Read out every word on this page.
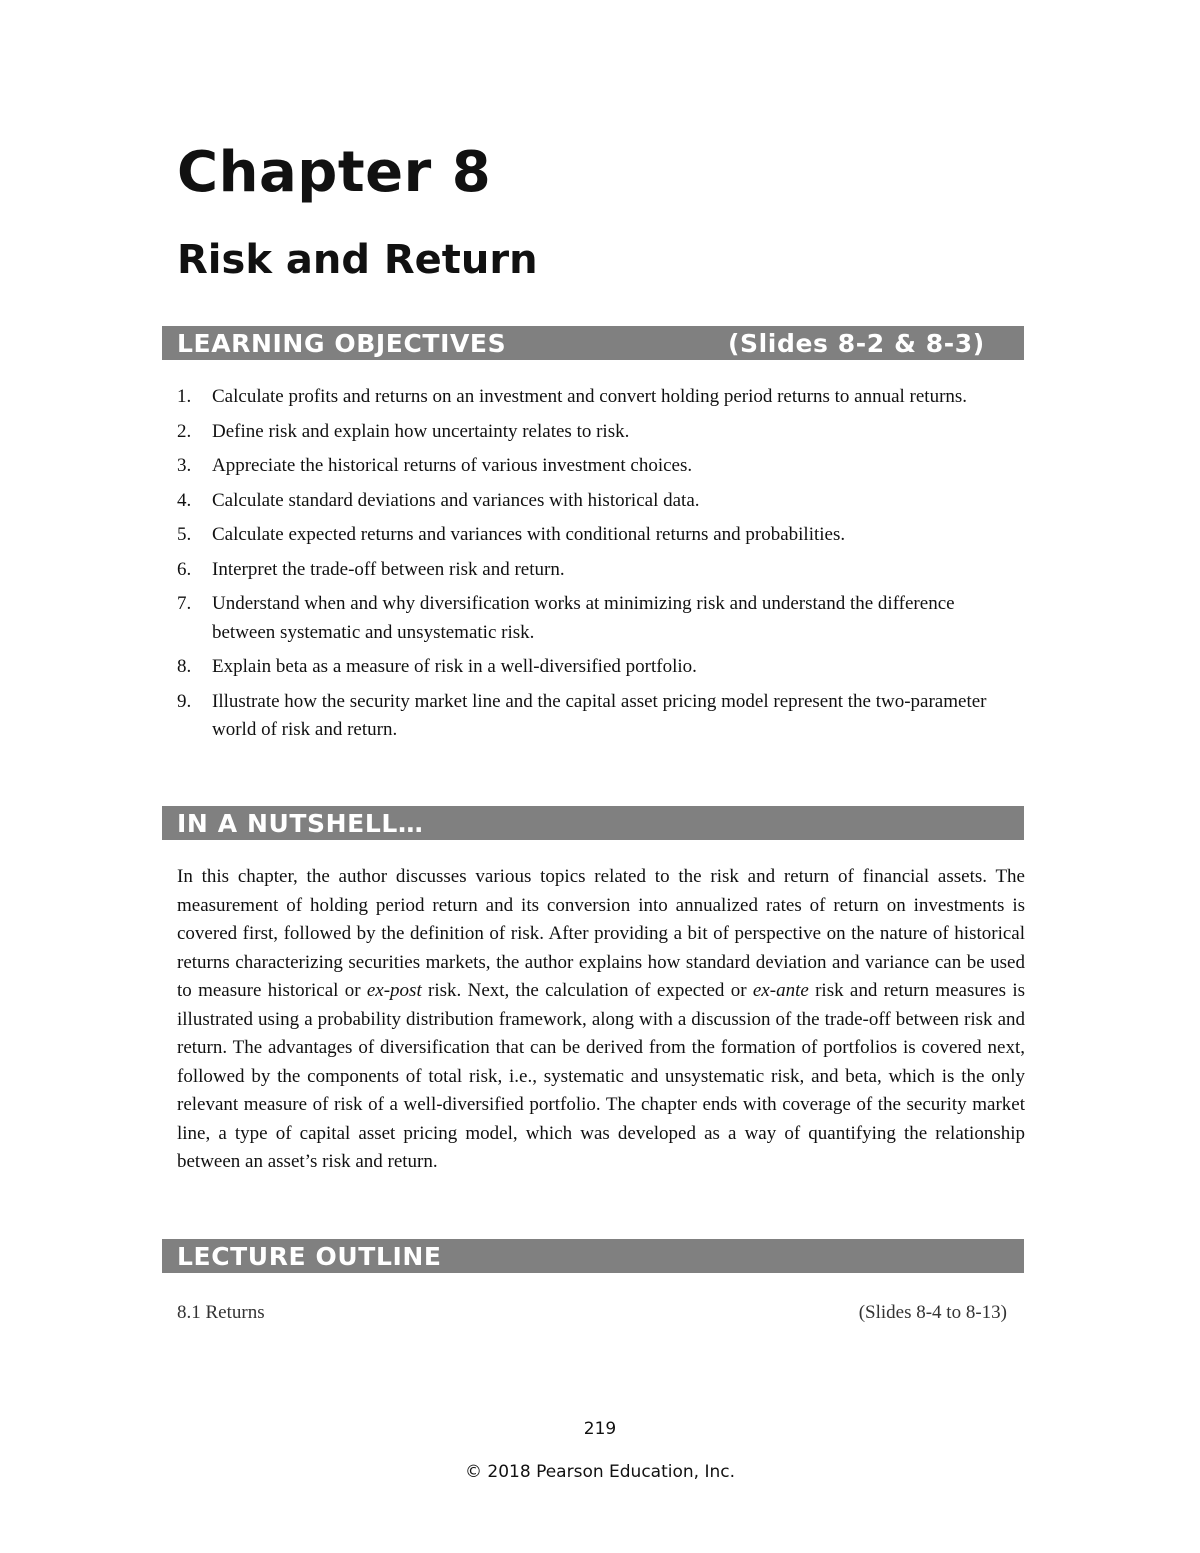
Chapter 8
Risk and Return
LEARNING OBJECTIVES	(Slides 8-2 & 8-3)
1. Calculate profits and returns on an investment and convert holding period returns to annual returns.
2. Define risk and explain how uncertainty relates to risk.
3. Appreciate the historical returns of various investment choices.
4. Calculate standard deviations and variances with historical data.
5. Calculate expected returns and variances with conditional returns and probabilities.
6. Interpret the trade-off between risk and return.
7. Understand when and why diversification works at minimizing risk and understand the difference between systematic and unsystematic risk.
8. Explain beta as a measure of risk in a well-diversified portfolio.
9. Illustrate how the security market line and the capital asset pricing model represent the two-parameter world of risk and return.
IN A NUTSHELL…

In this chapter, the author discusses various topics related to the risk and return of financial assets. The measurement of holding period return and its conversion into annualized rates of return on investments is covered first, followed by the definition of risk. After providing a bit of perspective on the nature of historical returns characterizing securities markets, the author explains how standard deviation and variance can be used to measure historical or ex-post risk. Next, the calculation of expected or ex-ante risk and return measures is illustrated using a probability distribution framework, along with a discussion of the trade-off between risk and return. The advantages of diversification that can be derived from the formation of portfolios is covered next, followed by the components of total risk, i.e., systematic and unsystematic risk, and beta, which is the only relevant measure of risk of a well-diversified portfolio. The chapter ends with coverage of the security market line, a type of capital asset pricing model, which was developed as a way of quantifying the relationship between an asset’s risk and return.

LECTURE OUTLINE
8.1 Returns	(Slides 8-4 to 8-13)
219
© 2018 Pearson Education, Inc.
